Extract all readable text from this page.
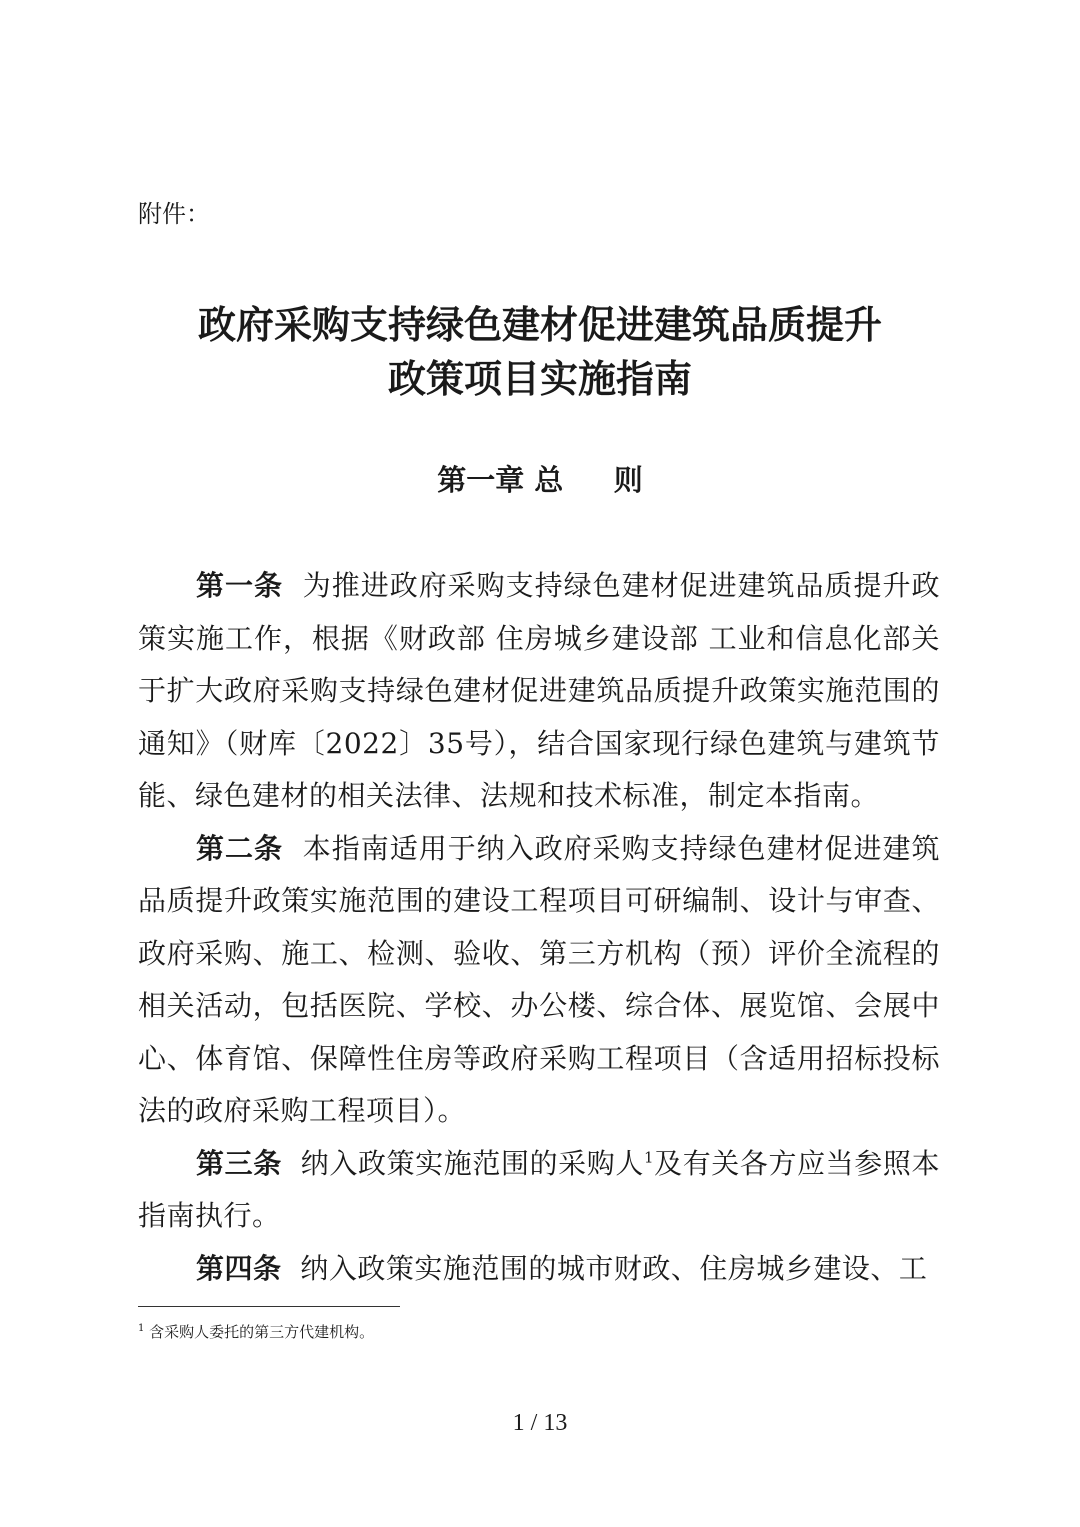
附件：

政府采购支持绿色建材促进建筑品质提升
政策项目实施指南
第一章 总     则

第一条 为推进政府采购支持绿色建材促进建筑品质提升政策实施工作，根据《财政部 住房城乡建设部 工业和信息化部关于扩大政府采购支持绿色建材促进建筑品质提升政策实施范围的通知》（财库〔2022〕35号），结合国家现行绿色建筑与建筑节能、绿色建材的相关法律、法规和技术标准，制定本指南。

第二条 本指南适用于纳入政府采购支持绿色建材促进建筑品质提升政策实施范围的建设工程项目可研编制、设计与审查、政府采购、施工、检测、验收、第三方机构（预）评价全流程的相关活动，包括医院、学校、办公楼、综合体、展览馆、会展中心、体育馆、保障性住房等政府采购工程项目（含适用招标投标法的政府采购工程项目）。

第三条 纳入政策实施范围的采购人$^1$及有关各方应当参照本指南执行。

第四条 纳入政策实施范围的城市财政、住房城乡建设、工

$^1$ 含采购人委托的第三方代建机构。

1 / 13
